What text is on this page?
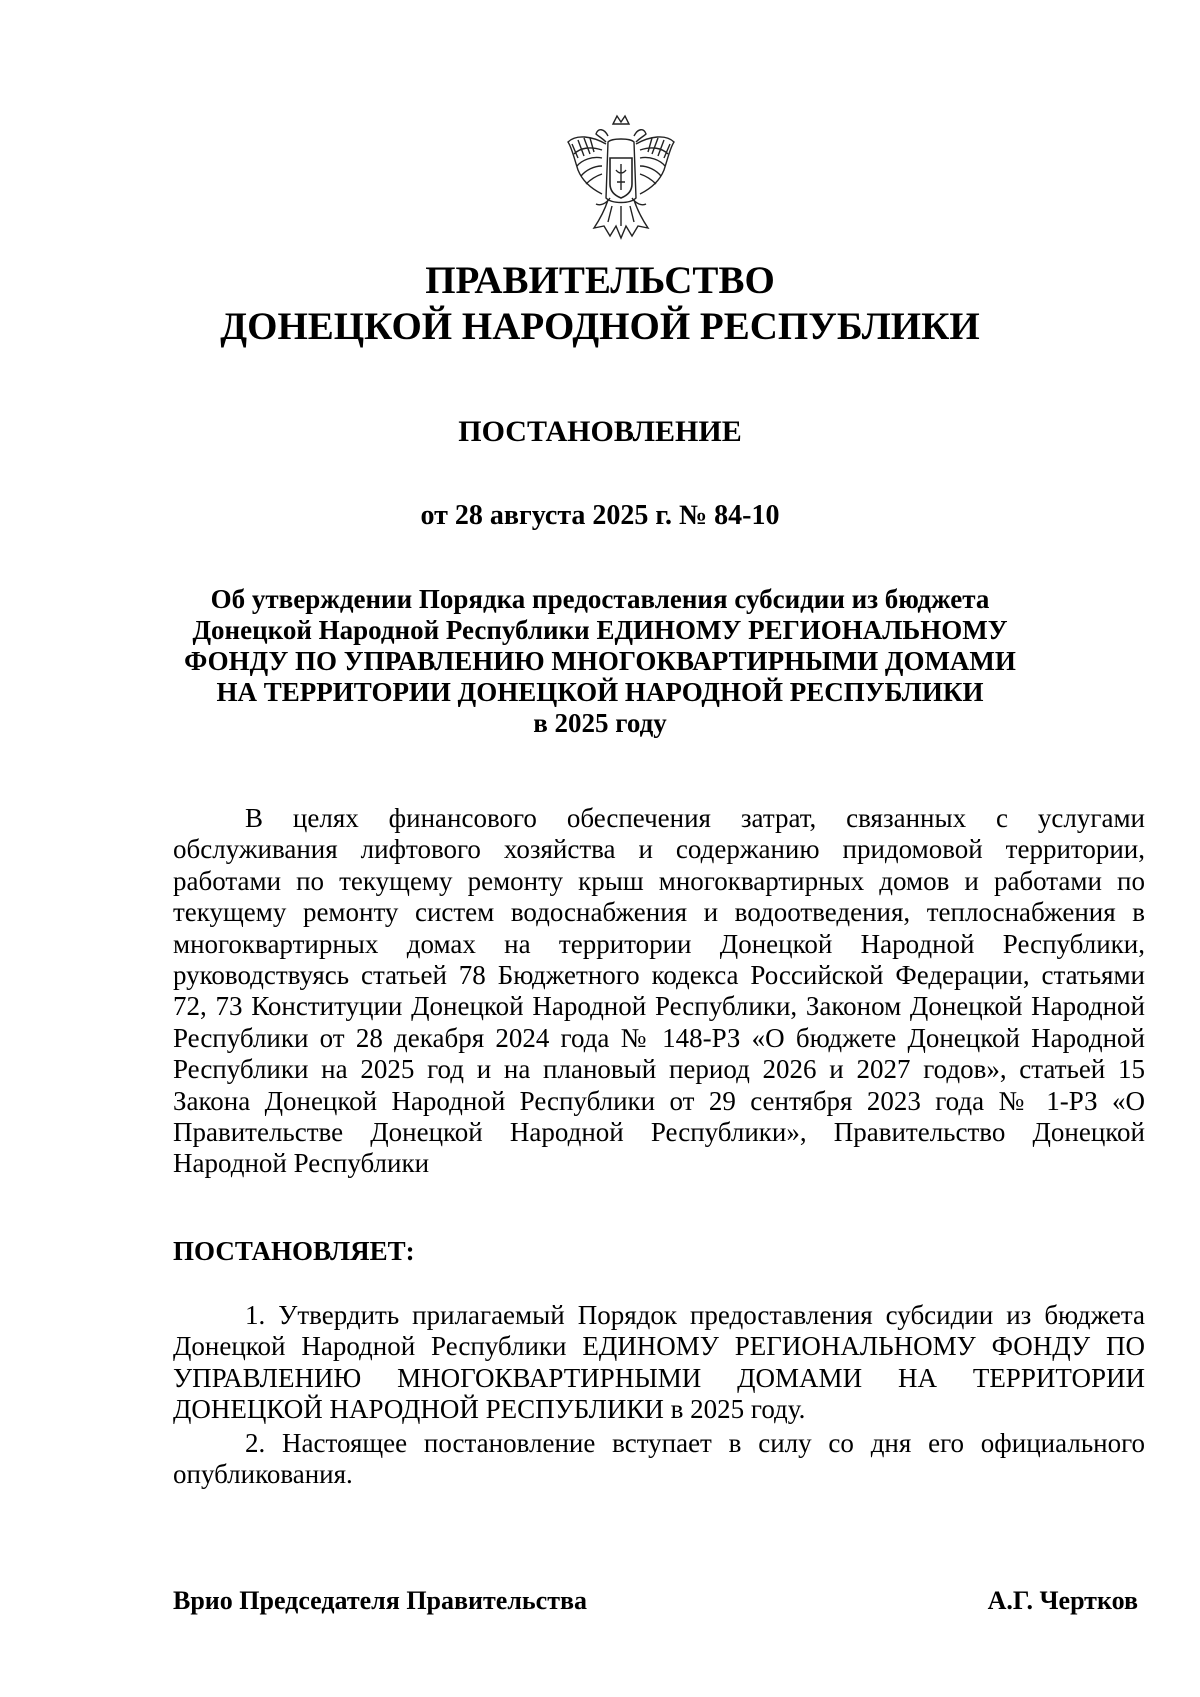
ПРАВИТЕЛЬСТВО
ДОНЕЦКОЙ НАРОДНОЙ РЕСПУБЛИКИ
ПОСТАНОВЛЕНИЕ
от 28 августа 2025 г. № 84-10
Об утверждении Порядка предоставления субсидии из бюджета
Донецкой Народной Республики ЕДИНОМУ РЕГИОНАЛЬНОМУ
ФОНДУ ПО УПРАВЛЕНИЮ МНОГОКВАРТИРНЫМИ ДОМАМИ
НА ТЕРРИТОРИИ ДОНЕЦКОЙ НАРОДНОЙ РЕСПУБЛИКИ
в 2025 году
В целях финансового обеспечения затрат, связанных с услугами обслуживания лифтового хозяйства и содержанию придомовой территории, работами по текущему ремонту крыш многоквартирных домов и работами по текущему ремонту систем водоснабжения и водоотведения, теплоснабжения в многоквартирных домах на территории Донецкой Народной Республики, руководствуясь статьей 78 Бюджетного кодекса Российской Федерации, статьями 72, 73 Конституции Донецкой Народной Республики, Законом Донецкой Народной Республики от 28 декабря 2024 года № 148-РЗ «О бюджете Донецкой Народной Республики на 2025 год и на плановый период 2026 и 2027 годов», статьей 15 Закона Донецкой Народной Республики от 29 сентября 2023 года № 1-РЗ «О Правительстве Донецкой Народной Республики», Правительство Донецкой Народной Республики
ПОСТАНОВЛЯЕТ:
1. Утвердить прилагаемый Порядок предоставления субсидии из бюджета Донецкой Народной Республики ЕДИНОМУ РЕГИОНАЛЬНОМУ ФОНДУ ПО УПРАВЛЕНИЮ МНОГОКВАРТИРНЫМИ ДОМАМИ НА ТЕРРИТОРИИ ДОНЕЦКОЙ НАРОДНОЙ РЕСПУБЛИКИ в 2025 году.
2. Настоящее постановление вступает в силу со дня его официального опубликования.
Врио Председателя Правительства	А.Г. Чертков
